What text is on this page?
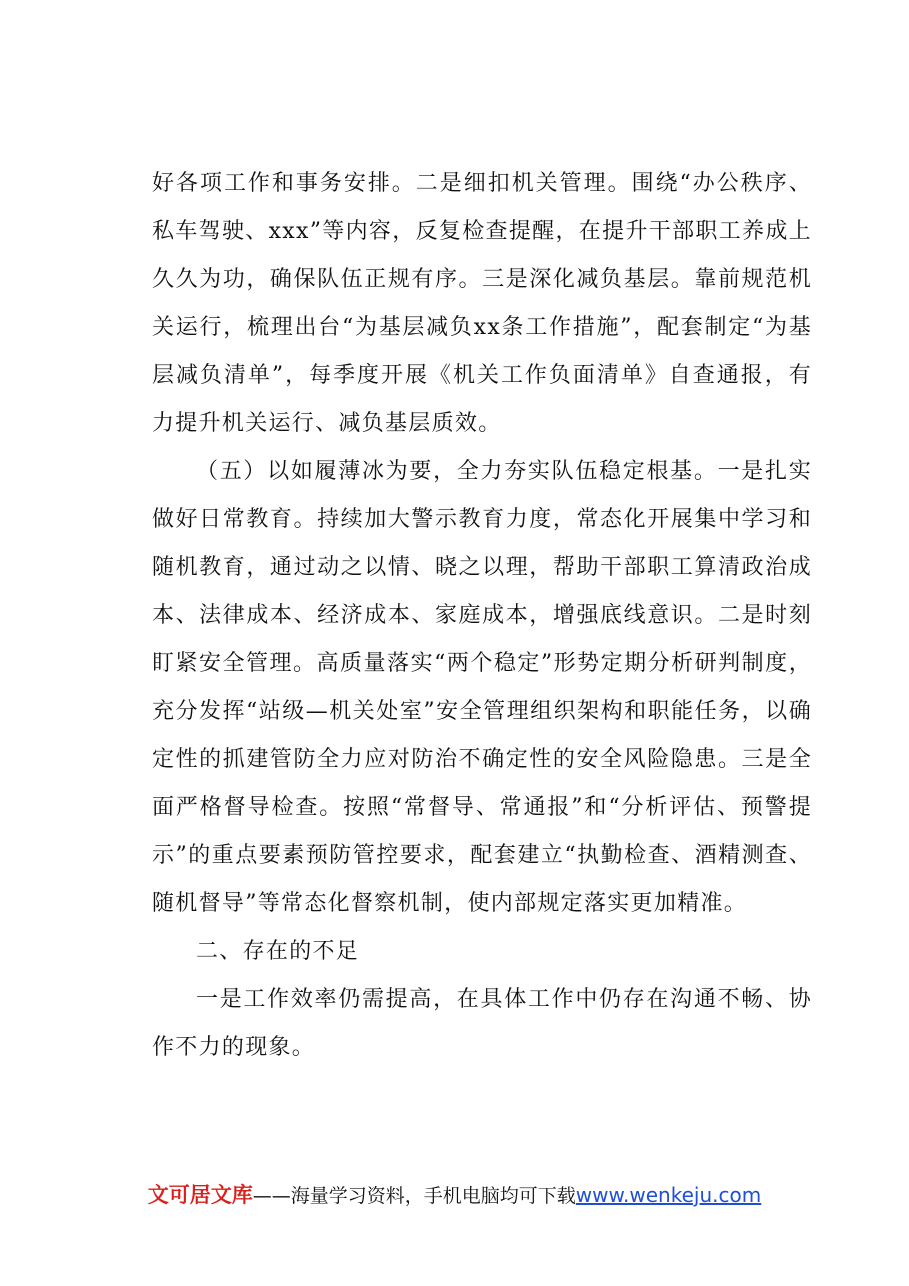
好各项工作和事务安排。二是细扣机关管理。围绕“办公秩序、私车驾驶、xxx”等内容，反复检查提醒，在提升干部职工养成上久久为功，确保队伍正规有序。三是深化减负基层。靠前规范机关运行，梳理出台“为基层减负xx条工作措施”，配套制定“为基层减负清单”，每季度开展《机关工作负面清单》自查通报，有力提升机关运行、减负基层质效。

（五）以如履薄冰为要，全力夯实队伍稳定根基。一是扎实做好日常教育。持续加大警示教育力度，常态化开展集中学习和随机教育，通过动之以情、晓之以理，帮助干部职工算清政治成本、法律成本、经济成本、家庭成本，增强底线意识。二是时刻盯紧安全管理。高质量落实“两个稳定”形势定期分析研判制度，充分发挥“站级—机关处室”安全管理组织架构和职能任务，以确定性的抓建管防全力应对防治不确定性的安全风险隐患。三是全面严格督导检查。按照“常督导、常通报”和“分析评估、预警提示”的重点要素预防管控要求，配套建立“执勤检查、酒精测查、随机督导”等常态化督察机制，使内部规定落实更加精准。

二、存在的不足

一是工作效率仍需提高，在具体工作中仍存在沟通不畅、协作不力的现象。

文可居文库——海量学习资料，手机电脑均可下载www.wenkeju.com
